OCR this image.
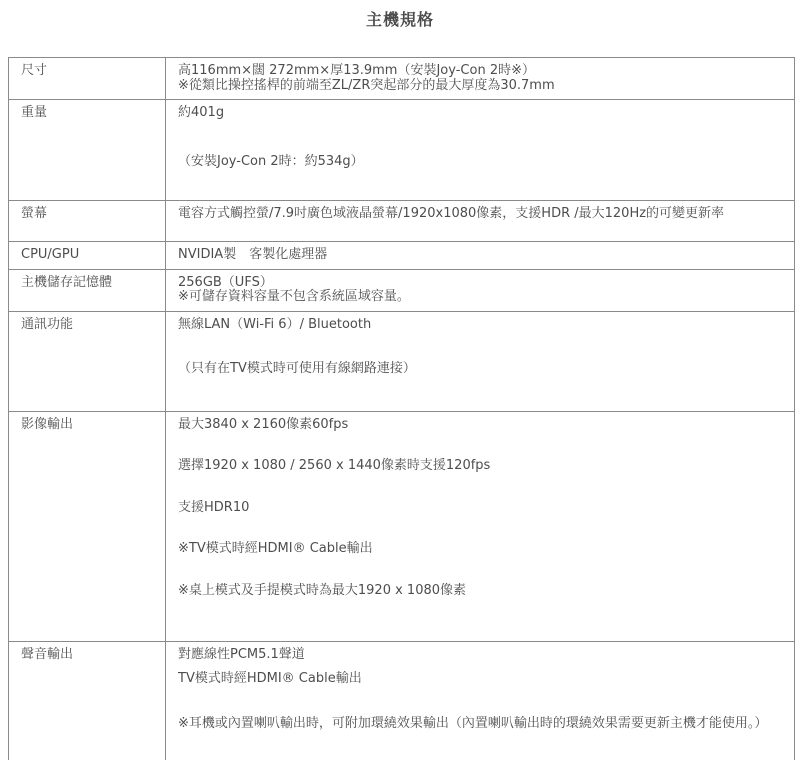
主機規格
尺寸	高116mm×闊 272mm×厚13.9mm（安裝Joy-Con 2時※）

※從類比操控搖桿的前端至ZL/ZR突起部分的最大厚度為30.7mm

重量	約401g

（安裝Joy-Con 2時：約534g）

螢幕	電容方式觸控螢/7.9吋廣色域液晶螢幕/1920x1080像素，支援HDR /最大120Hz的可變更新率

CPU/GPU	NVIDIA製　客製化處理器

主機儲存記憶體	256GB（UFS）

※可儲存資料容量不包含系統區域容量。

通訊功能	無線LAN（Wi-Fi 6）/ Bluetooth

（只有在TV模式時可使用有線網路連接）

影像輸出	最大3840 x 2160像素60fps

選擇1920 x 1080 / 2560 x 1440像素時支援120fps

支援HDR10

※TV模式時經HDMI® Cable輸出

※桌上模式及手提模式時為最大1920 x 1080像素

聲音輸出	對應線性PCM5.1聲道

TV模式時經HDMI® Cable輸出

※耳機或內置喇叭輸出時，可附加環繞效果輸出（內置喇叭輸出時的環繞效果需要更新主機才能使用。）
